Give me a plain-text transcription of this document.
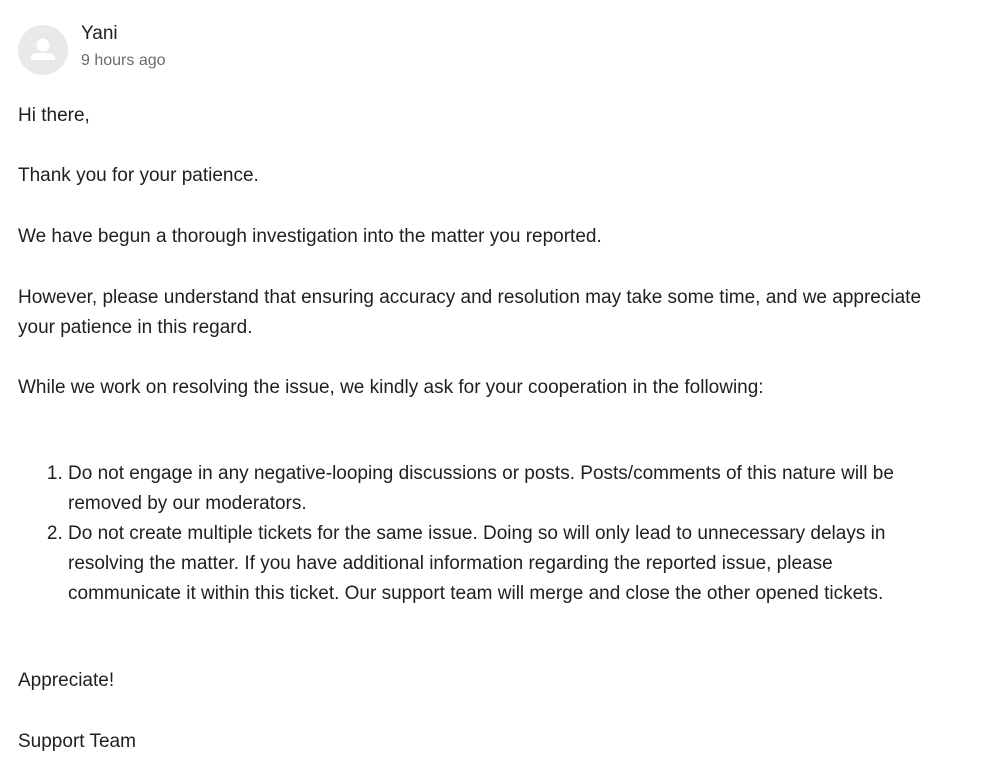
Yani
9 hours ago

Hi there,

Thank you for your patience.

We have begun a thorough investigation into the matter you reported.

However, please understand that ensuring accuracy and resolution may take some time, and we appreciate your patience in this regard.

While we work on resolving the issue, we kindly ask for your cooperation in the following:

1. Do not engage in any negative-looping discussions or posts. Posts/comments of this nature will be removed by our moderators.
2. Do not create multiple tickets for the same issue. Doing so will only lead to unnecessary delays in resolving the matter. If you have additional information regarding the reported issue, please communicate it within this ticket. Our support team will merge and close the other opened tickets.

Appreciate!

Support Team
